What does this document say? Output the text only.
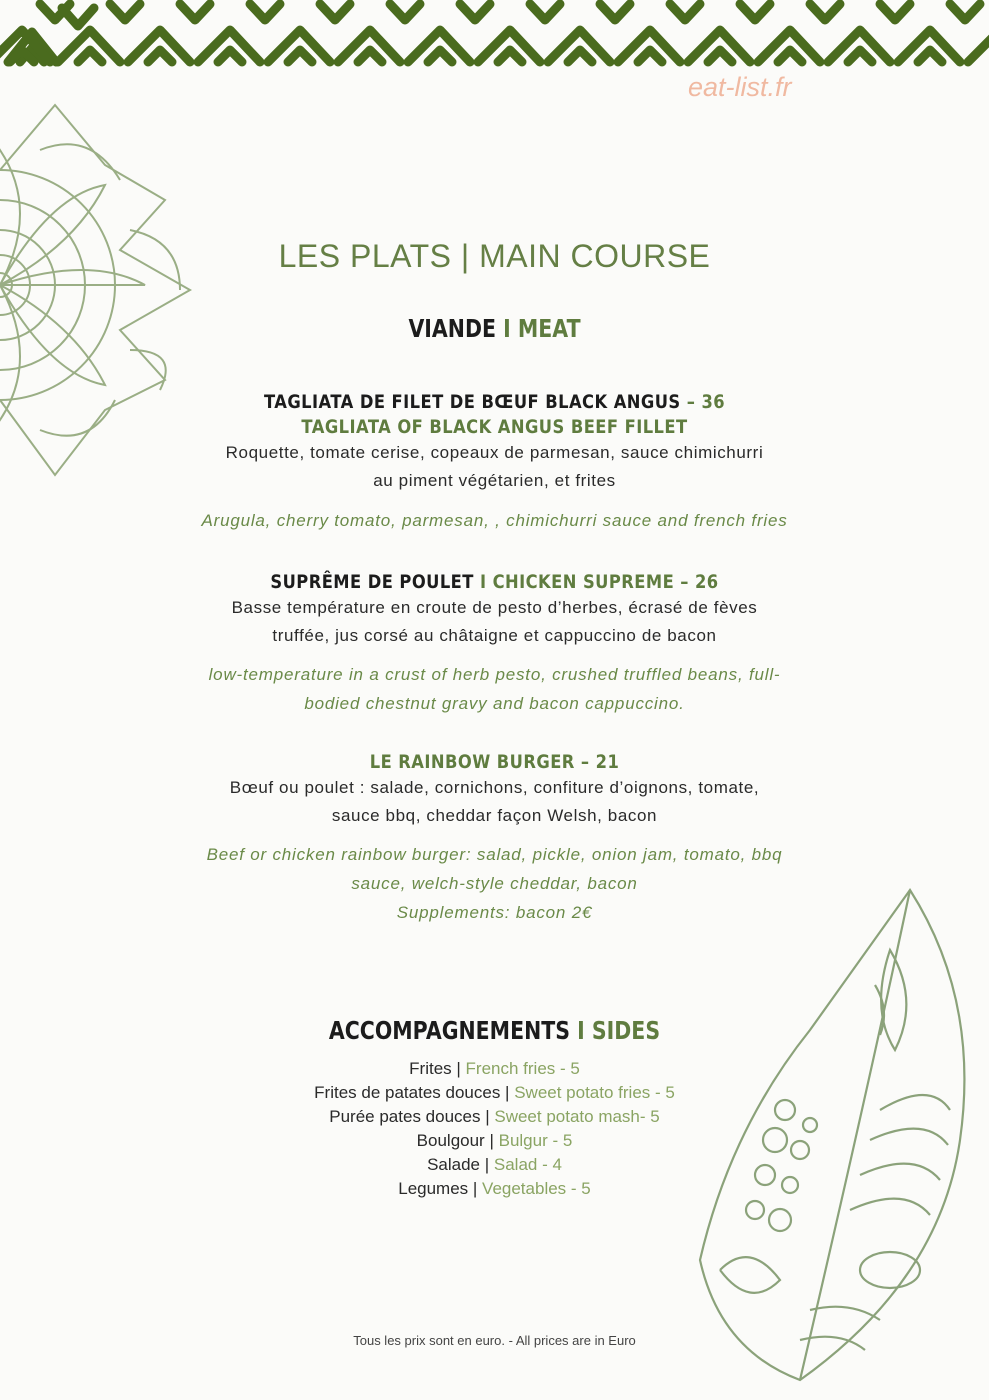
eat-list.fr
LES PLATS | MAIN COURSE
VIANDE I MEAT
TAGLIATA DE FILET DE BŒUF BLACK ANGUS – 36
TAGLIATA OF BLACK ANGUS BEEF FILLET
Roquette, tomate cerise, copeaux de parmesan, sauce chimichurri
au piment végétarien, et frites
Arugula, cherry tomato, parmesan, , chimichurri sauce and french fries
SUPRÊME DE POULET I CHICKEN SUPREME – 26
Basse température en croute de pesto d’herbes, écrasé de fèves
truffée, jus corsé au châtaigne et cappuccino de bacon
low-temperature in a crust of herb pesto, crushed truffled beans, full-
bodied chestnut gravy and bacon cappuccino.
LE RAINBOW BURGER – 21
Bœuf ou poulet : salade, cornichons, confiture d’oignons, tomate,
sauce bbq, cheddar façon Welsh, bacon
Beef or chicken rainbow burger: salad, pickle, onion jam, tomato, bbq
sauce, welch-style cheddar, bacon
Supplements: bacon 2€
ACCOMPAGNEMENTS I SIDES
Frites | French fries - 5
Frites de patates douces | Sweet potato fries - 5
Purée pates douces | Sweet potato mash- 5
Boulgour | Bulgur - 5
Salade | Salad - 4
Legumes | Vegetables - 5
Tous les prix sont en euro. - All prices are in Euro
